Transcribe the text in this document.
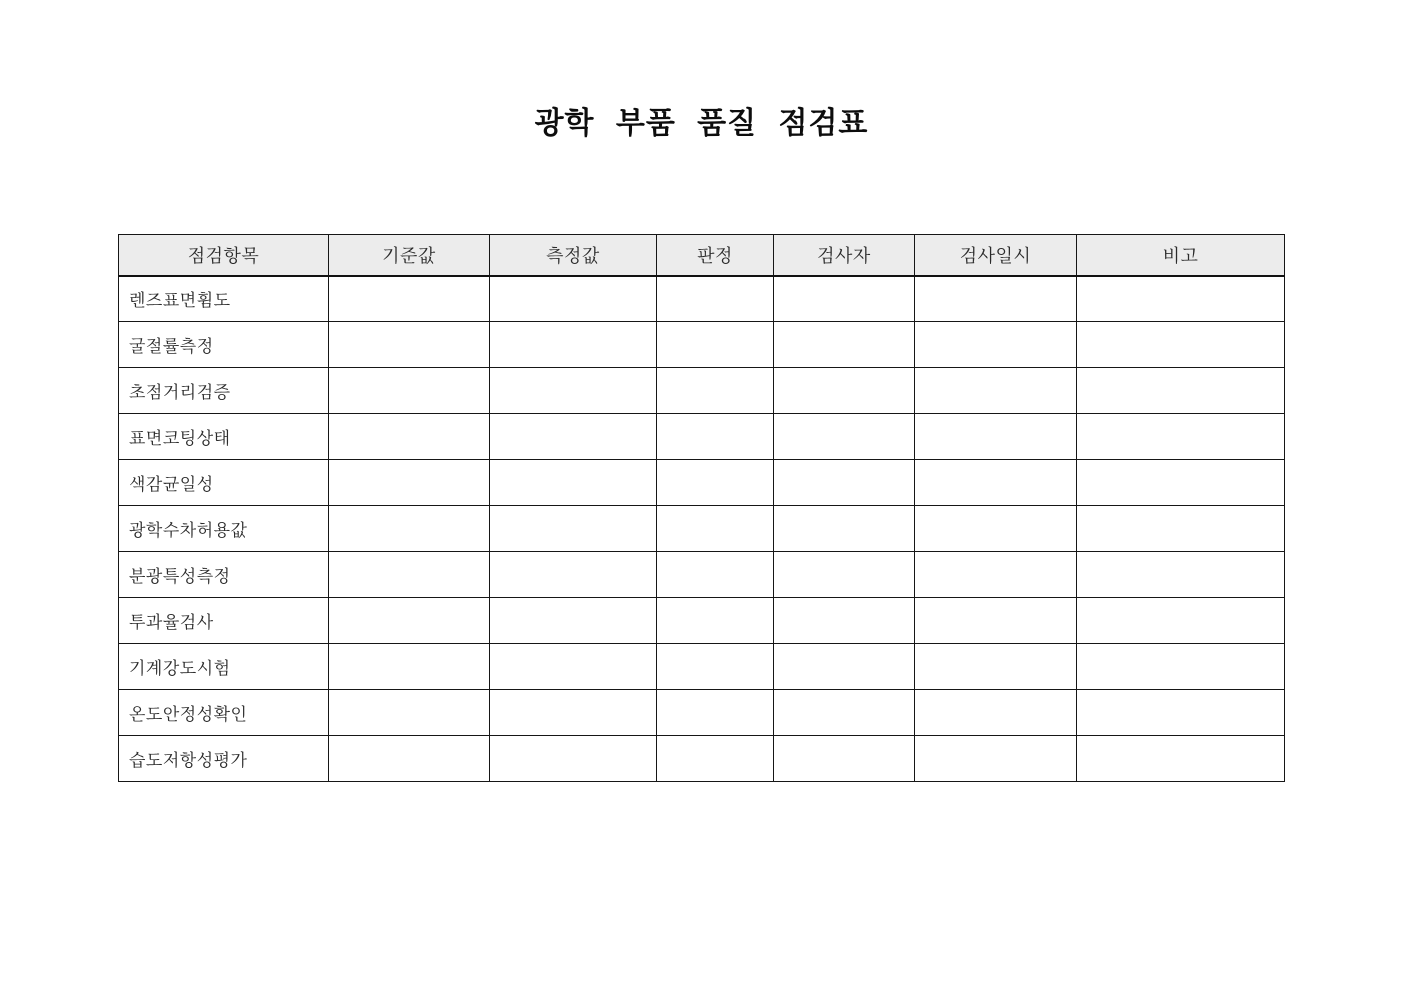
광학 부품 품질 점검표
점검항목	기준값	측정값	판정	검사자	검사일시	비고
렌즈표면휨도						
굴절률측정						
초점거리검증						
표면코팅상태						
색감균일성						
광학수차허용값						
분광특성측정						
투과율검사						
기계강도시험						
온도안정성확인						
습도저항성평가						
